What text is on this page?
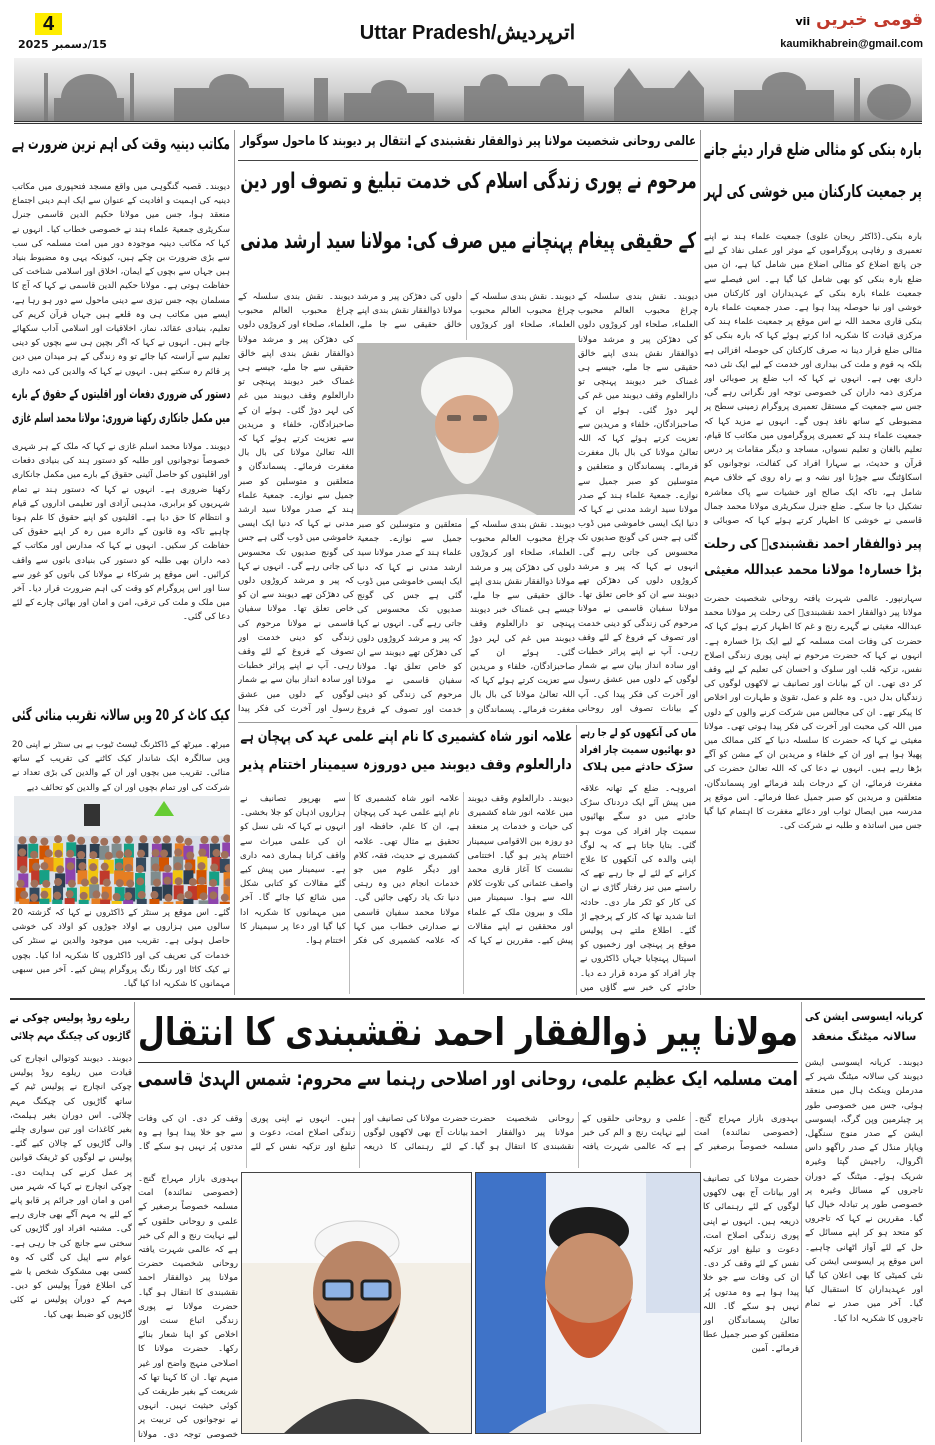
4
15/دسمبر 2025
Uttar Pradesh/اترپردیش
قومی خبریں vii
kaumikhabrein@gmail.com
مکاتب دینیہ وقت کی اہم ترین ضرورت ہے
دیوبند۔ قصبہ گنگوہی میں واقع مسجد فتحپوری میں مکاتب دینیہ کی اہمیت و افادیت کے عنوان سے ایک اہم دینی اجتماع منعقد ہوا، جس میں مولانا حکیم الدین قاسمی جنرل سکریٹری جمعیۃ علماء ہند نے خصوصی خطاب کیا۔ انہوں نے کہا کہ مکاتب دینیہ موجودہ دور میں امت مسلمہ کی سب سے بڑی ضرورت بن چکے ہیں، کیونکہ یہی وہ مضبوط بنیاد ہیں جہاں سے بچوں کے ایمان، اخلاق اور اسلامی شناخت کی حفاظت ہوتی ہے۔ مولانا حکیم الدین قاسمی نے کہا کہ آج کا مسلمان بچہ جس تیزی سے دینی ماحول سے دور ہو رہا ہے، ایسے میں مکاتب ہی وہ قلعے ہیں جہاں قرآن کریم کی تعلیم، بنیادی عقائد، نماز، اخلاقیات اور اسلامی آداب سکھائے جاتے ہیں۔ انہوں نے کہا کہ اگر بچپن ہی سے بچوں کو دینی تعلیم سے آراستہ کیا جائے تو وہ زندگی کے ہر میدان میں دین پر قائم رہ سکتے ہیں۔ انہوں نے کہا کہ والدین کی ذمہ داری
دستور کی ضروری دفعات اور اقلیتوں کے حقوق کے بارے
میں مکمل جانکاری رکھنا ضروری: مولانا محمد اسلم غازی
دیوبند۔ مولانا محمد اسلم غازی نے کہا کہ ملک کے ہر شہری خصوصاً نوجوانوں اور طلبہ کو دستور ہند کی بنیادی دفعات اور اقلیتوں کو حاصل آئینی حقوق کے بارے میں مکمل جانکاری رکھنا ضروری ہے۔ انہوں نے کہا کہ دستور ہند نے تمام شہریوں کو برابری، مذہبی آزادی اور تعلیمی اداروں کے قیام و انتظام کا حق دیا ہے۔ اقلیتوں کو اپنے حقوق کا علم ہونا چاہیے تاکہ وہ قانون کے دائرہ میں رہ کر اپنے حقوق کی حفاظت کر سکیں۔ انہوں نے کہا کہ مدارس اور مکاتب کے ذمہ داران بھی طلبہ کو دستور کی بنیادی باتوں سے واقف کرائیں۔ اس موقع پر شرکاء نے مولانا کی باتوں کو غور سے سنا اور اس پروگرام کو وقت کی اہم ضرورت قرار دیا۔ آخر میں ملک و ملت کی ترقی، امن و امان اور بھائی چارے کے لئے دعا کی گئی۔
کیک کاٹ کر 20 ویں سالانہ تقریب منائی گئی
میرٹھ۔ میرٹھ کے ڈاکٹرنگ ٹیسٹ ٹیوب بے بی سنٹر نے اپنی 20 ویں سالگرہ ایک شاندار کیک کاٹنے کی تقریب کے ساتھ منائی۔ تقریب میں بچوں اور ان کے والدین کی بڑی تعداد نے شرکت کی اور تمام بچوں اور ان کے والدین کو تحائف دیے
گئے۔ اس موقع پر سنٹر کے ڈاکٹروں نے کہا کہ گزشتہ 20 سالوں میں ہزاروں بے اولاد جوڑوں کو اولاد کی خوشی حاصل ہوئی ہے۔ تقریب میں موجود والدین نے سنٹر کی خدمات کی تعریف کی اور ڈاکٹروں کا شکریہ ادا کیا۔ بچوں نے کیک کاٹا اور رنگا رنگ پروگرام پیش کیے۔ آخر میں سبھی مہمانوں کا شکریہ ادا کیا گیا۔
بارہ بنکی کو مثالی ضلع قرار دیئے جانے
پر جمعیت کارکنان میں خوشی کی لہر
بارہ بنکی۔(ڈاکٹر ریحان علوی) جمعیت علماء ہند نے اپنے تعمیری و رفاہی پروگراموں کے موثر اور عملی نفاذ کے لیے جن پانچ اضلاع کو مثالی اضلاع میں شامل کیا ہے، ان میں ضلع بارہ بنکی کو بھی شامل کیا گیا ہے۔ اس فیصلے سے جمعیت علماء بارہ بنکی کے عہدیداران اور کارکنان میں خوشی اور نیا حوصلہ پیدا ہوا ہے۔ صدر جمعیت علماء بارہ بنکی قاری محمد اللہ نے اس موقع پر جمعیت علماء ہند کی مرکزی قیادت کا شکریہ ادا کرتے ہوئے کہا کہ بارہ بنکی کو مثالی ضلع قرار دینا نہ صرف کارکنان کی حوصلہ افزائی ہے بلکہ یہ قوم و ملت کی بیداری اور خدمت کے لیے ایک نئی ذمہ داری بھی ہے۔ انہوں نے کہا کہ اب ضلع پر صوبائی اور مرکزی ذمہ داران کی خصوصی توجہ اور نگرانی رہے گی، جس سے جمعیت کے مستقل تعمیری پروگرام زمینی سطح پر مضبوطی کے ساتھ نافذ ہوں گے۔ انہوں نے مزید کہا کہ جمعیت علماء ہند کے تعمیری پروگراموں میں مکاتب کا قیام، تعلیم بالغان و تعلیم نسواں، مساجد و دیگر مقامات پر درس قرآن و حدیث، بے سہارا افراد کی کفالت، نوجوانوں کو اسکاؤٹنگ سے جوڑنا اور نشہ و بے راہ روی کے خلاف مہم شامل ہے، تاکہ ایک صالح اور خشیات سے پاک معاشرہ تشکیل دیا جا سکے۔ ضلع جنرل سکریٹری مولانا محمد جمال قاسمی نے خوشی کا اظہار کرتے ہوئے کہا کہ صوبائی و
پیر ذوالفقار احمد نقشبندیؒ کی رحلت
بڑا خسارہ! مولانا محمد عبداللہ مغیثی
سہارنپور۔ عالمی شہرت یافتہ روحانی شخصیت حضرت مولانا پیر ذوالفقار احمد نقشبندیؒ کی رحلت پر مولانا محمد عبداللہ مغیثی نے گہرے رنج و غم کا اظہار کرتے ہوئے کہا کہ حضرت کی وفات امت مسلمہ کے لیے ایک بڑا خسارہ ہے۔ انہوں نے کہا کہ حضرت مرحوم نے اپنی پوری زندگی اصلاح نفس، تزکیہ قلب اور سلوک و احسان کی تعلیم کے لیے وقف کر دی تھی۔ ان کے بیانات اور تصانیف نے لاکھوں لوگوں کی زندگیاں بدل دیں۔ وہ علم و عمل، تقویٰ و طہارت اور اخلاص کا پیکر تھے۔ ان کی مجالس میں شرکت کرنے والوں کے دلوں میں اللہ کی محبت اور آخرت کی فکر پیدا ہوتی تھی۔ مولانا مغیثی نے کہا کہ حضرت کا سلسلہ دنیا کے کئی ممالک میں پھیلا ہوا ہے اور ان کے خلفاء و مریدین ان کے مشن کو آگے بڑھا رہے ہیں۔ انہوں نے دعا کی کہ اللہ تعالیٰ حضرت کی مغفرت فرمائے، ان کے درجات بلند فرمائے اور پسماندگان، متعلقین و مریدین کو صبر جمیل عطا فرمائے۔ اس موقع پر مدرسہ میں ایصال ثواب اور دعائے مغفرت کا اہتمام کیا گیا جس میں اساتذہ و طلبہ نے شرکت کی۔
عالمی روحانی شخصیت مولانا پیر ذوالفقار نقشبندی کے انتقال پر دیوبند کا ماحول سوگوار
مرحوم نے پوری زندگی اسلام کی خدمت تبلیغ و تصوف اور دین
کے حقیقی پیغام پہنچانے میں صرف کی: مولانا سید ارشد مدنی
دیوبند۔ نقش بندی سلسلہ کے چراغ محبوب العالم محبوب العلماء، صلحاء اور کروڑوں دلوں کی دھڑکن پیر و مرشد مولانا ذوالفقار نقش بندی اپنے خالق حقیقی سے جا ملے، جیسے ہی غمناک خبر دیوبند پہنچی تو دارالعلوم وقف دیوبند میں غم کی لہر دوڑ گئی۔ ہوئے ان کے صاحبزادگان، خلفاء و مریدین سے تعزیت کرتے ہوئے کہا کہ اللہ تعالیٰ مولانا کی بال بال مغفرت فرمائے۔ پسماندگان و متعلقین و متوسلین کو صبر جمیل سے نوازے۔ جمعیۃ علماء ہند کے صدر مولانا سید ارشد مدنی نے کہا کہ دنیا ایک ایسی خاموشی میں ڈوب گئی ہے جس کی گونج صدیوں تک محسوس کی جاتی رہے گی۔ انہوں نے کہا کہ پیر و مرشد کروڑوں دلوں کی دھڑکن تھے دیوبند سے ان کو خاص تعلق تھا۔ مولانا سفیان قاسمی نے مولانا مرحوم کی زندگی کو دینی خدمت اور تصوف کے فروغ کے لئے وقف رہی۔ آپ نے اپنے پراثر خطبات اور سادہ انداز بیان سے بے شمار لوگوں کے دلوں میں عشق رسول اور آخرت کی فکر پیدا کی۔ آپ کے بیانات تصوف اور روحانی
دیوبند۔ نقش بندی سلسلہ کے چراغ محبوب العالم محبوب العلماء، صلحاء اور کروڑوں دلوں کی دھڑکن پیر و مرشد مولانا ذوالفقار نقش بندی اپنے خالق حقیقی سے جا ملے،
دیوبند۔ نقش بندی سلسلہ کے چراغ محبوب العالم محبوب العلماء، صلحاء اور کروڑوں دلوں کی دھڑکن پیر و مرشد مولانا ذوالفقار نقش بندی اپنے خالق حقیقی سے جا ملے، جیسے ہی غمناک خبر دیوبند پہنچی تو دارالعلوم وقف دیوبند میں غم کی لہر دوڑ گئی۔ ہوئے ان کے صاحبزادگان، خلفاء و مریدین سے تعزیت کرتے ہوئے کہا کہ اللہ تعالیٰ مولانا کی بال بال مغفرت فرمائے۔ پسماندگان و متعلقین و متوسلین کو صبر جمیل سے نوازے۔ جمعیۃ علماء ہند کے صدر مولانا سید ارشد مدنی نے کہا کہ دنیا ایک ایسی خاموشی میں ڈوب گئی ہے جس کی گونج صدیوں تک محسوس کی جاتی رہے گی۔ انہوں نے کہا کہ پیر و مرشد کروڑوں دلوں کی دھڑکن تھے دیوبند سے ان کو خاص تعلق تھا۔ مولانا سفیان قاسمی نے مولانا مرحوم کی زندگی کو دینی خدمت اور تصوف کے فروغ کے لئے وقف رہی۔ آپ نے اپنے پراثر خطبات اور سادہ انداز بیان سے بے شمار لوگوں کے دلوں میں عشق رسول اور آخرت کی فکر پیدا
دیوبند۔ نقش بندی سلسلہ کے چراغ محبوب العالم محبوب العلماء، صلحاء اور کروڑوں دلوں کی دھڑکن پیر و مرشد مولانا ذوالفقار نقش بندی اپنے خالق حقیقی سے جا ملے، جیسے ہی غمناک خبر دیوبند پہنچی تو دارالعلوم وقف دیوبند میں غم کی لہر دوڑ گئی۔ ہوئے ان کے صاحبزادگان، خلفاء و مریدین سے تعزیت کرتے ہوئے کہا کہ اللہ تعالیٰ مولانا کی بال بال مغفرت فرمائے۔ پسماندگان و متعلقین و متوسلین کو صبر جمیل سے نوازے۔ جمعیۃ علماء ہند کے صدر مولانا سید ارشد مدنی نے کہا کہ دنیا ایک ایسی خاموشی میں ڈوب گئی ہے جس کی گونج صدیوں تک محسوس کی جاتی رہے گی۔ انہوں نے کہا کہ پیر و مرشد کروڑوں دلوں کی دھڑکن تھے دیوبند سے ان کو خاص تعلق تھا۔ مولانا سفیان قاسمی نے مولانا مرحوم کی زندگی کو دینی خدمت اور تصوف کے فروغ
ماں کی آنکھوں کو لے جا رہے
دو بھائیوں سمیت چار افراد
سڑک حادثے میں ہلاک
امروہہ۔ ضلع کے تھانہ علاقہ میں پیش آئے ایک دردناک سڑک حادثے میں دو سگے بھائیوں سمیت چار افراد کی موت ہو گئی۔ بتایا جاتا ہے کہ یہ لوگ اپنی والدہ کی آنکھوں کا علاج کرانے کے لئے لے جا رہے تھے کہ راستے میں تیز رفتار گاڑی نے ان کی کار کو ٹکر مار دی۔ حادثہ اتنا شدید تھا کہ کار کے پرخچے اڑ گئے۔ اطلاع ملتے ہی پولیس موقع پر پہنچی اور زخمیوں کو اسپتال پہنچایا جہاں ڈاکٹروں نے چار افراد کو مردہ قرار دے دیا۔ حادثے کی خبر سے گاؤں میں
علامہ انور شاہ کشمیری کا نام اپنے علمی عہد کی پہچان ہے
دارالعلوم وقف دیوبند میں دوروزہ سیمینار اختتام پذیر
دیوبند۔ دارالعلوم وقف دیوبند میں علامہ انور شاہ کشمیری کی حیات و خدمات پر منعقد دو روزہ بین الاقوامی سیمینار اختتام پذیر ہو گیا۔ اختتامی نشست کا آغاز قاری محمد واصف عثمانی کی تلاوت کلام اللہ سے ہوا۔ سیمینار میں ملک و بیرون ملک کے علماء اور محققین نے اپنے مقالات پیش کیے۔ مقررین نے کہا کہ علامہ انور شاہ کشمیری کا نام اپنے علمی عہد کی پہچان ہے، ان کا علم، حافظہ اور تحقیق بے مثال تھی۔ علامہ کشمیری نے حدیث، فقہ، کلام اور دیگر علوم میں جو خدمات انجام دیں وہ رہتی دنیا تک یاد رکھی جائیں گی۔ مولانا محمد سفیان قاسمی نے صدارتی خطاب میں کہا کہ علامہ کشمیری کی فکر سے بھرپور تصانیف نے ہزاروں اذہان کو جلا بخشی۔ انہوں نے کہا کہ نئی نسل کو ان کی علمی میراث سے واقف کرانا ہماری ذمہ داری ہے۔ سیمینار میں پیش کیے گئے مقالات کو کتابی شکل میں شائع کیا جائے گا۔ آخر میں مہمانوں کا شکریہ ادا کیا گیا اور دعا پر سیمینار کا اختتام ہوا۔
ریلوے روڈ پولیس چوکی نے
گاڑیوں کی چیکنگ مہم چلائی
دیوبند۔ دیوبند کوتوالی انچارج کی قیادت میں ریلوے روڈ پولیس چوکی انچارج نے پولیس ٹیم کے ساتھ گاڑیوں کی چیکنگ مہم چلائی۔ اس دوران بغیر ہیلمٹ، بغیر کاغذات اور تین سواری چلنے والی گاڑیوں کے چالان کیے گئے۔ پولیس نے لوگوں کو ٹریفک قوانین پر عمل کرنے کی ہدایت دی۔ چوکی انچارج نے کہا کہ شہر میں امن و امان اور جرائم پر قابو پانے کے لئے یہ مہم آگے بھی جاری رہے گی۔ مشتبہ افراد اور گاڑیوں کی سختی سے جانچ کی جا رہی ہے۔ عوام سے اپیل کی گئی کہ وہ کسی بھی مشکوک شخص یا شے کی اطلاع فوراً پولیس کو دیں۔ مہم کے دوران پولیس نے کئی گاڑیوں کو ضبط بھی کیا۔
مولانا پیر ذوالفقار احمد نقشبندی کا انتقال
امت مسلمہ ایک عظیم علمی، روحانی اور اصلاحی رہنما سے محروم: شمس الہدیٰ قاسمی
بہدوری بازار مہراج گنج۔ (خصوصی نمائندہ) امت مسلمہ خصوصاً برصغیر کے علمی و روحانی حلقوں کے لیے نہایت رنج و الم کی خبر ہے کہ عالمی شہرت یافتہ روحانی شخصیت حضرت مولانا پیر ذوالفقار احمد نقشبندی کا انتقال ہو گیا۔
حضرت مولانا کی تصانیف اور بیانات آج بھی لاکھوں لوگوں کے لئے رہنمائی کا ذریعہ ہیں۔ انہوں نے اپنی پوری زندگی اصلاح امت، دعوت و تبلیغ اور تزکیہ نفس کے لئے وقف کر دی۔ ان کی وفات سے جو خلا پیدا ہوا ہے وہ مدتوں پُر نہیں ہو سکے گا۔
بہدوری بازار مہراج گنج۔ (خصوصی نمائندہ) امت مسلمہ خصوصاً برصغیر کے علمی و روحانی حلقوں کے لیے نہایت رنج و الم کی خبر ہے کہ عالمی شہرت یافتہ روحانی شخصیت حضرت مولانا پیر ذوالفقار احمد نقشبندی کا انتقال ہو گیا۔ حضرت مولانا نے پوری زندگی اتباع سنت اور اخلاص کو اپنا شعار بنائے رکھا۔ حضرت مولانا کا اصلاحی منہج واضح اور غیر مبہم تھا۔ ان کا کہنا تھا کہ شریعت کے بغیر طریقت کی کوئی حیثیت نہیں۔ انہوں نے نوجوانوں کی تربیت پر خصوصی توجہ دی۔ مولانا
حضرت مولانا کی تصانیف اور بیانات آج بھی لاکھوں لوگوں کے لئے رہنمائی کا ذریعہ ہیں۔ انہوں نے اپنی پوری زندگی اصلاح امت، دعوت و تبلیغ اور تزکیہ نفس کے لئے وقف کر دی۔ ان کی وفات سے جو خلا پیدا ہوا ہے وہ مدتوں پُر نہیں ہو سکے گا۔ اللہ تعالیٰ پسماندگان اور متعلقین کو صبر جمیل عطا فرمائے۔ آمین
کریانہ ایسوسی ایشن کی
سالانہ میٹنگ منعقد
دیوبند۔ کریانہ ایسوسی ایشن دیوبند کی سالانہ میٹنگ شہر کے مدرملن وینکٹ ہال میں منعقد ہوئی، جس میں خصوصی طور پر چیئرمین وپن گرگ، ایسوسی ایشن کے صدر منوج سنگھل، ویاپار منڈل کے صدر راگھو داس اگروال، راجیش گپتا وغیرہ شریک ہوئے۔ میٹنگ کے دوران تاجروں کے مسائل وغیرہ پر خصوصی طور پر تبادلہ خیال کیا گیا۔ مقررین نے کہا کہ تاجروں کو متحد ہو کر اپنے مسائل کے حل کے لئے آواز اٹھانی چاہیے۔ اس موقع پر ایسوسی ایشن کی نئی کمیٹی کا بھی اعلان کیا گیا اور عہدیداران کا استقبال کیا گیا۔ آخر میں صدر نے تمام تاجروں کا شکریہ ادا کیا۔
